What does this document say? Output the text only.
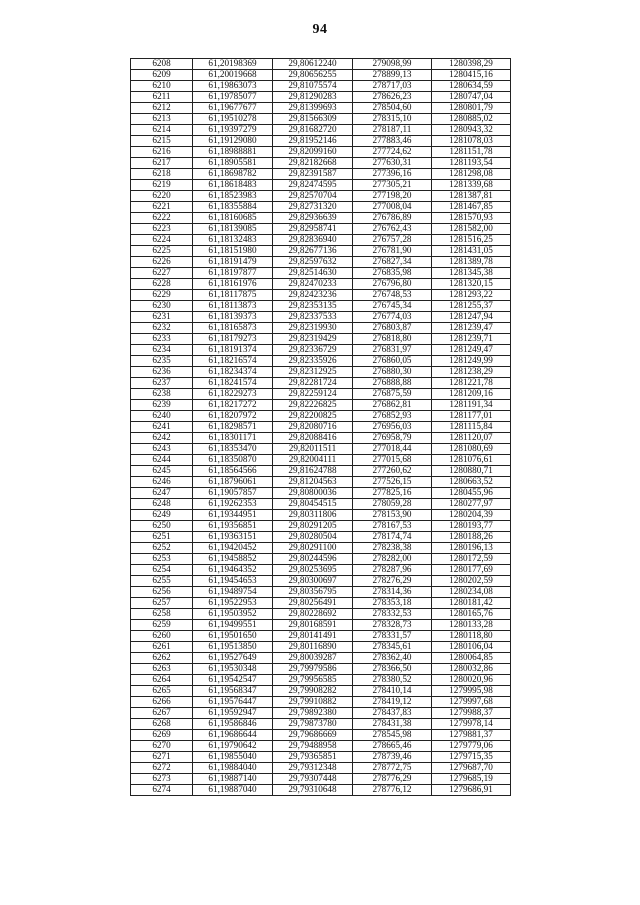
94
6208	61,20198369	29,80612240	279098,99	1280398,29
6209	61,20019668	29,80656255	278899,13	1280415,16
6210	61,19863073	29,81075574	278717,03	1280634,59
6211	61,19785077	29,81290283	278626,23	1280747,04
6212	61,19677677	29,81399693	278504,60	1280801,79
6213	61,19510278	29,81566309	278315,10	1280885,02
6214	61,19397279	29,81682720	278187,11	1280943,32
6215	61,19129080	29,81952146	277883,46	1281078,03
6216	61,18988881	29,82099160	277724,62	1281151,78
6217	61,18905581	29,82182668	277630,31	1281193,54
6218	61,18698782	29,82391587	277396,16	1281298,08
6219	61,18618483	29,82474595	277305,21	1281339,68
6220	61,18523983	29,82570704	277198,20	1281387,81
6221	61,18355884	29,82731320	277008,04	1281467,85
6222	61,18160685	29,82936639	276786,89	1281570,93
6223	61,18139085	29,82958741	276762,43	1281582,00
6224	61,18132483	29,82836940	276757,28	1281516,25
6225	61,18151980	29,82677136	276781,90	1281431,05
6226	61,18191479	29,82597632	276827,34	1281389,78
6227	61,18197877	29,82514630	276835,98	1281345,38
6228	61,18161976	29,82470233	276796,80	1281320,15
6229	61,18117875	29,82423236	276748,53	1281293,22
6230	61,18113873	29,82353135	276745,34	1281255,37
6231	61,18139373	29,82337533	276774,03	1281247,94
6232	61,18165873	29,82319930	276803,87	1281239,47
6233	61,18179273	29,82319429	276818,80	1281239,71
6234	61,18191374	29,82336729	276831,97	1281249,47
6235	61,18216574	29,82335926	276860,05	1281249,99
6236	61,18234374	29,82312925	276880,30	1281238,29
6237	61,18241574	29,82281724	276888,88	1281221,78
6238	61,18229273	29,82259124	276875,59	1281209,16
6239	61,18217272	29,82226825	276862,81	1281191,34
6240	61,18207972	29,82200825	276852,93	1281177,01
6241	61,18298571	29,82080716	276956,03	1281115,84
6242	61,18301171	29,82088416	276958,79	1281120,07
6243	61,18353470	29,82011511	277018,44	1281080,69
6244	61,18350870	29,82004111	277015,68	1281076,61
6245	61,18564566	29,81624788	277260,62	1280880,71
6246	61,18796061	29,81204563	277526,15	1280663,52
6247	61,19057857	29,80800036	277825,16	1280455,96
6248	61,19262353	29,80454515	278059,28	1280277,97
6249	61,19344951	29,80311806	278153,90	1280204,39
6250	61,19356851	29,80291205	278167,53	1280193,77
6251	61,19363151	29,80280504	278174,74	1280188,26
6252	61,19420452	29,80291100	278238,38	1280196,13
6253	61,19458852	29,80244596	278282,00	1280172,59
6254	61,19464352	29,80253695	278287,96	1280177,69
6255	61,19454653	29,80300697	278276,29	1280202,59
6256	61,19489754	29,80356795	278314,36	1280234,08
6257	61,19522953	29,80256491	278353,18	1280181,42
6258	61,19503952	29,80228692	278332,53	1280165,76
6259	61,19499551	29,80168591	278328,73	1280133,28
6260	61,19501650	29,80141491	278331,57	1280118,80
6261	61,19513850	29,80116890	278345,61	1280106,04
6262	61,19527649	29,80039287	278362,40	1280064,85
6263	61,19530348	29,79979586	278366,50	1280032,86
6264	61,19542547	29,79956585	278380,52	1280020,96
6265	61,19568347	29,79908282	278410,14	1279995,98
6266	61,19576447	29,79910882	278419,12	1279997,68
6267	61,19592947	29,79892380	278437,83	1279988,37
6268	61,19586846	29,79873780	278431,38	1279978,14
6269	61,19686644	29,79686669	278545,98	1279881,37
6270	61,19790642	29,79488958	278665,46	1279779,06
6271	61,19855040	29,79365851	278739,46	1279715,35
6272	61,19884040	29,79312348	278772,75	1279687,70
6273	61,19887140	29,79307448	278776,29	1279685,19
6274	61,19887040	29,79310648	278776,12	1279686,91
